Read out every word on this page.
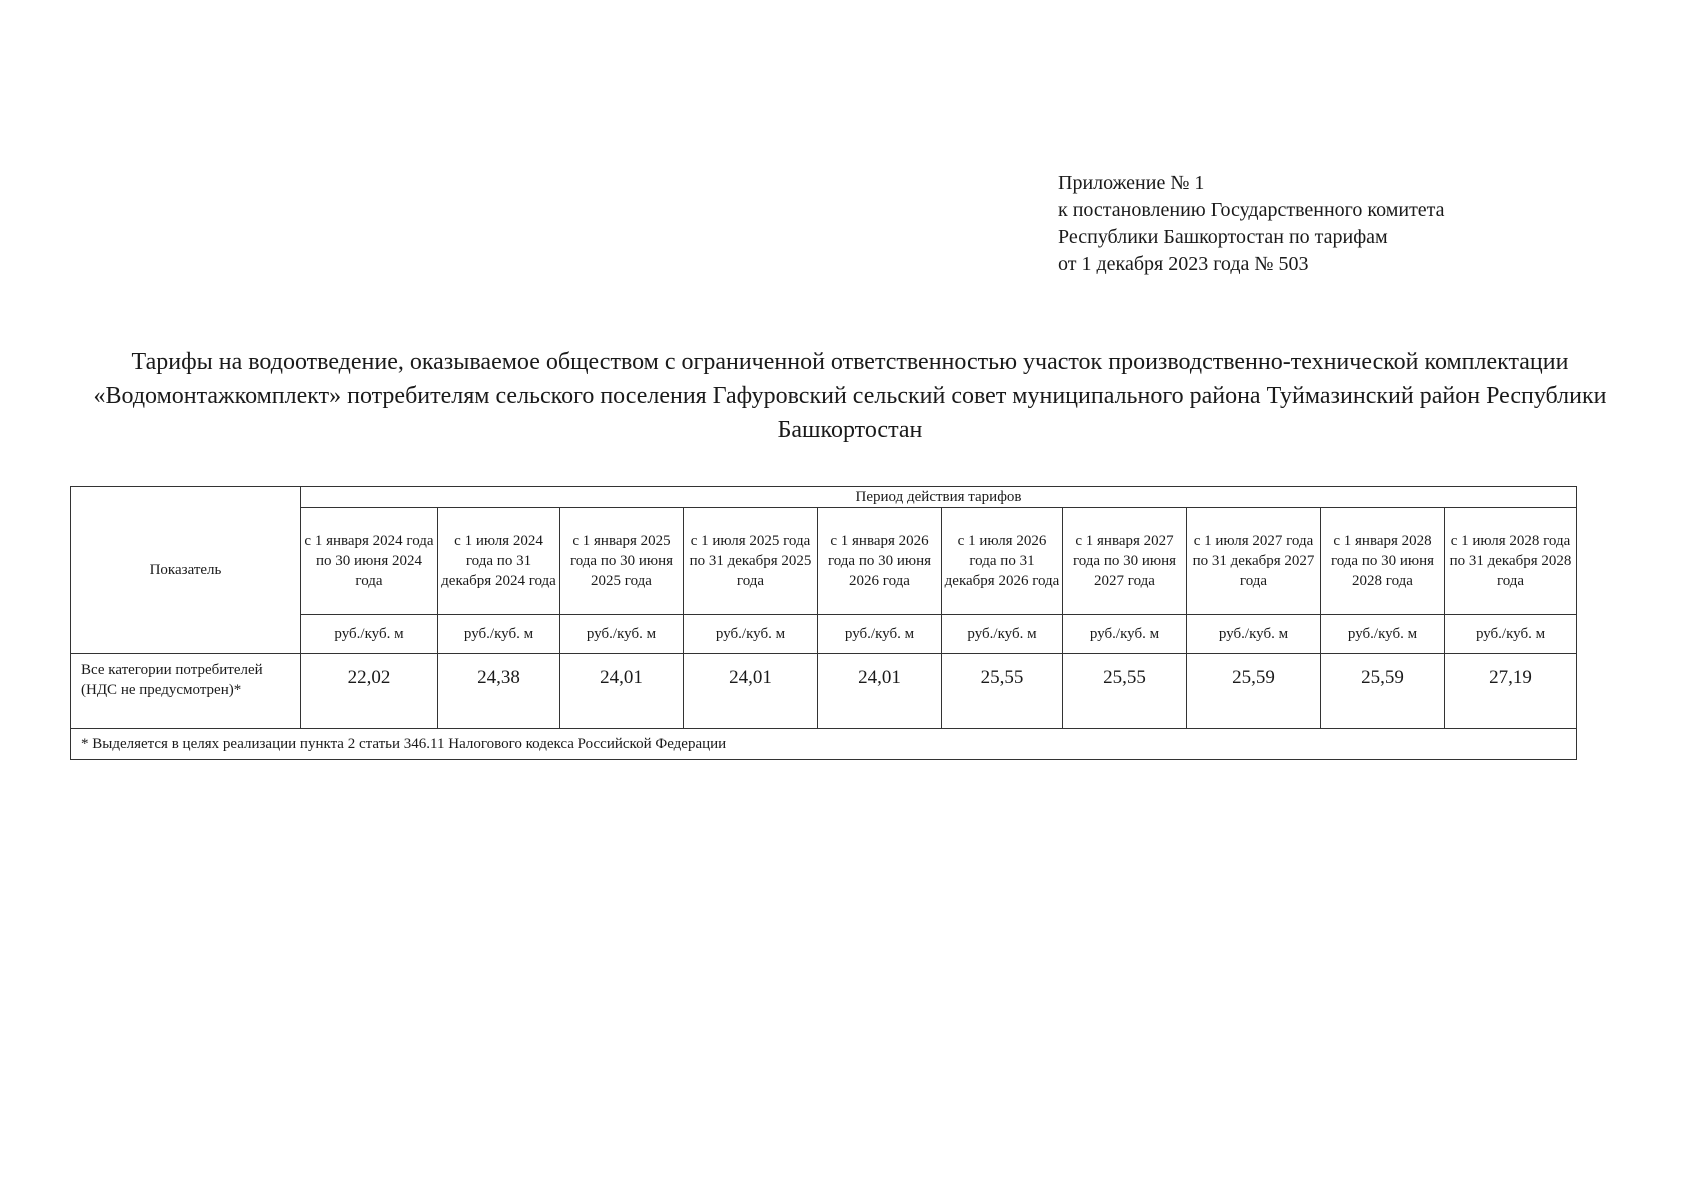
Приложение № 1
к постановлению Государственного комитета
Республики Башкортостан по тарифам
от 1 декабря 2023 года № 503
Тарифы на водоотведение, оказываемое обществом с ограниченной ответственностью участок производственно-технической комплектации «Водомонтажкомплект» потребителям сельского поселения Гафуровский сельский совет муниципального района Туймазинский район Республики Башкортостан
Показатель	Период действия тарифов									
	с 1 января 2024 года по 30 июня 2024 года	с 1 июля 2024 года по 31 декабря 2024 года	с 1 января 2025 года по 30 июня 2025 года	с 1 июля 2025 года по 31 декабря 2025 года	с 1 января 2026 года по 30 июня 2026 года	с 1 июля 2026 года по 31 декабря 2026 года	с 1 января 2027 года по 30 июня 2027 года	с 1 июля 2027 года по 31 декабря 2027 года	с 1 января 2028 года по 30 июня 2028 года	с 1 июля 2028 года по 31 декабря 2028 года
	руб./куб. м	руб./куб. м	руб./куб. м	руб./куб. м	руб./куб. м	руб./куб. м	руб./куб. м	руб./куб. м	руб./куб. м	руб./куб. м
Все категории потребителей (НДС не предусмотрен)*	22,02	24,38	24,01	24,01	24,01	25,55	25,55	25,59	25,59	27,19
* Выделяется в целях реализации пункта 2 статьи 346.11 Налогового кодекса Российской Федерации										
